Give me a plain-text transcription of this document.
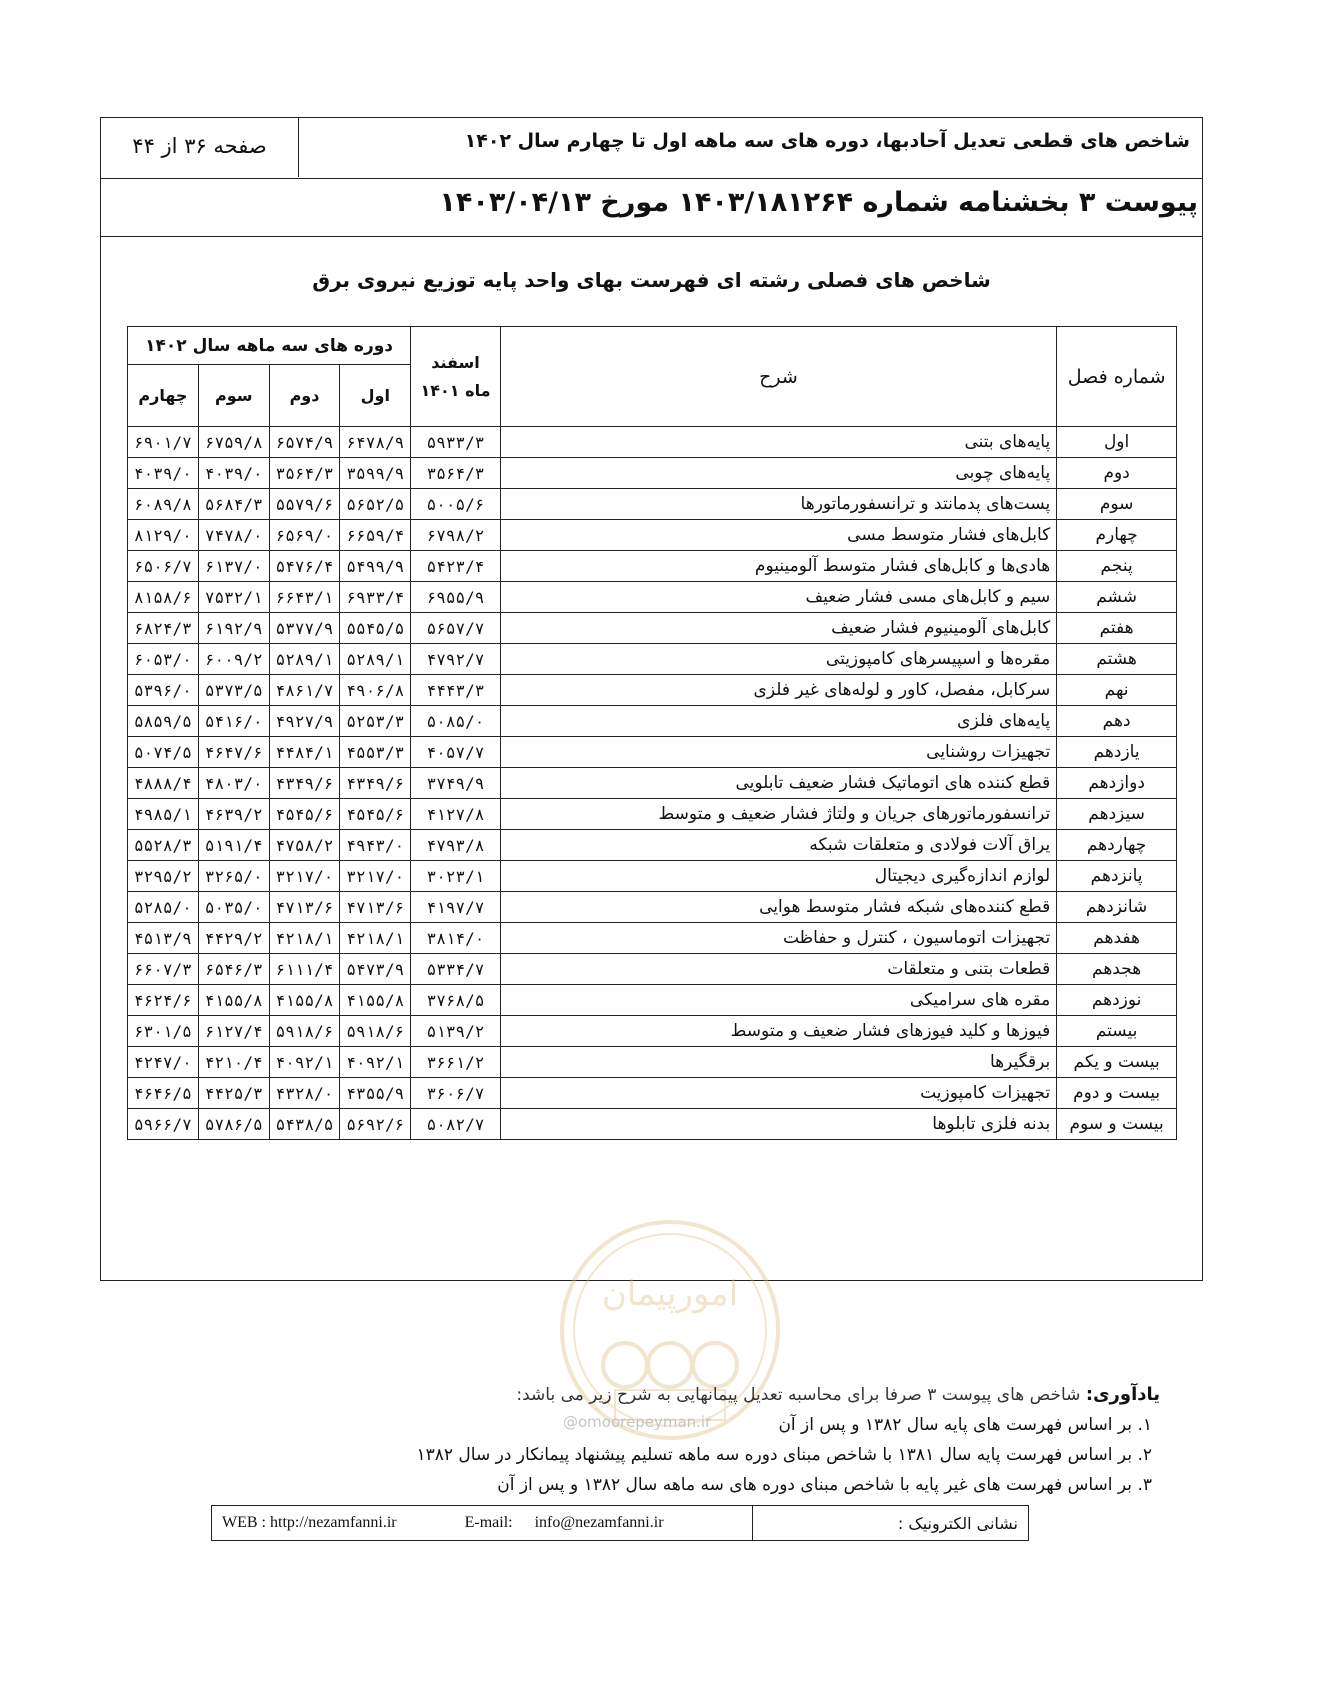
شاخص های قطعی تعدیل آحادبها، دوره های سه ماهه اول تا چهارم سال ۱۴۰۲
صفحه ۳۶ از ۴۴
پیوست ۳ بخشنامه شماره ۱۴۰۳/۱۸۱۲۶۴ مورخ ۱۴۰۳/۰۴/۱۳
شاخص های فصلی رشته ای فهرست بهای واحد پایه توزیع نیروی برق
شماره فصل	شرح	اسفند ماه ۱۴۰۱	دوره های سه ماهه سال ۱۴۰۲			
			اول	دوم	سوم	چهارم
اول	پایه‌های بتنی	۵۹۳۳/۳	۶۴۷۸/۹	۶۵۷۴/۹	۶۷۵۹/۸	۶۹۰۱/۷
دوم	پایه‌های چوبی	۳۵۶۴/۳	۳۵۹۹/۹	۳۵۶۴/۳	۴۰۳۹/۰	۴۰۳۹/۰
سوم	پست‌های پدمانتد و ترانسفورماتورها	۵۰۰۵/۶	۵۶۵۲/۵	۵۵۷۹/۶	۵۶۸۴/۳	۶۰۸۹/۸
چهارم	کابل‌های فشار متوسط مسی	۶۷۹۸/۲	۶۶۵۹/۴	۶۵۶۹/۰	۷۴۷۸/۰	۸۱۲۹/۰
پنجم	هادی‌ها و کابل‌های فشار متوسط آلومینیوم	۵۴۲۳/۴	۵۴۹۹/۹	۵۴۷۶/۴	۶۱۳۷/۰	۶۵۰۶/۷
ششم	سیم و کابل‌های مسی فشار ضعیف	۶۹۵۵/۹	۶۹۳۳/۴	۶۶۴۳/۱	۷۵۳۲/۱	۸۱۵۸/۶
هفتم	کابل‌های آلومینیوم فشار ضعیف	۵۶۵۷/۷	۵۵۴۵/۵	۵۳۷۷/۹	۶۱۹۲/۹	۶۸۲۴/۳
هشتم	مقره‌ها و اسپیسرهای کامپوزیتی	۴۷۹۲/۷	۵۲۸۹/۱	۵۲۸۹/۱	۶۰۰۹/۲	۶۰۵۳/۰
نهم	سرکابل، مفصل، کاور و لوله‌های غیر فلزی	۴۴۴۳/۳	۴۹۰۶/۸	۴۸۶۱/۷	۵۳۷۳/۵	۵۳۹۶/۰
دهم	پایه‌های فلزی	۵۰۸۵/۰	۵۲۵۳/۳	۴۹۲۷/۹	۵۴۱۶/۰	۵۸۵۹/۵
یازدهم	تجهیزات روشنایی	۴۰۵۷/۷	۴۵۵۳/۳	۴۴۸۴/۱	۴۶۴۷/۶	۵۰۷۴/۵
دوازدهم	قطع کننده های اتوماتیک فشار ضعیف تابلویی	۳۷۴۹/۹	۴۳۴۹/۶	۴۳۴۹/۶	۴۸۰۳/۰	۴۸۸۸/۴
سیزدهم	ترانسفورماتورهای جریان و ولتاژ فشار ضعیف و متوسط	۴۱۲۷/۸	۴۵۴۵/۶	۴۵۴۵/۶	۴۶۳۹/۲	۴۹۸۵/۱
چهاردهم	یراق آلات فولادی و متعلقات شبکه	۴۷۹۳/۸	۴۹۴۳/۰	۴۷۵۸/۲	۵۱۹۱/۴	۵۵۲۸/۳
پانزدهم	لوازم اندازه‌گیری دیجیتال	۳۰۲۳/۱	۳۲۱۷/۰	۳۲۱۷/۰	۳۲۶۵/۰	۳۲۹۵/۲
شانزدهم	قطع کننده‌های شبکه فشار متوسط هوایی	۴۱۹۷/۷	۴۷۱۳/۶	۴۷۱۳/۶	۵۰۳۵/۰	۵۲۸۵/۰
هفدهم	تجهیزات اتوماسیون ، کنترل و حفاظت	۳۸۱۴/۰	۴۲۱۸/۱	۴۲۱۸/۱	۴۴۲۹/۲	۴۵۱۳/۹
هجدهم	قطعات بتنی و متعلقات	۵۳۳۴/۷	۵۴۷۳/۹	۶۱۱۱/۴	۶۵۴۶/۳	۶۶۰۷/۳
نوزدهم	مقره های سرامیکی	۳۷۶۸/۵	۴۱۵۵/۸	۴۱۵۵/۸	۴۱۵۵/۸	۴۶۲۴/۶
بیستم	فیوزها و کلید فیوزهای فشار ضعیف و متوسط	۵۱۳۹/۲	۵۹۱۸/۶	۵۹۱۸/۶	۶۱۲۷/۴	۶۳۰۱/۵
بیست و یکم	برقگیرها	۳۶۶۱/۲	۴۰۹۲/۱	۴۰۹۲/۱	۴۲۱۰/۴	۴۲۴۷/۰
بیست و دوم	تجهیزات کامپوزیت	۳۶۰۶/۷	۴۳۵۵/۹	۴۳۲۸/۰	۴۴۲۵/۳	۴۶۴۶/۵
بیست و سوم	بدنه فلزی تابلوها	۵۰۸۲/۷	۵۶۹۲/۶	۵۴۳۸/۵	۵۷۸۶/۵	۵۹۶۶/۷
امورپیمان
@omoorepeyman.ir
یادآوری: شاخص های پیوست ۳ صرفا برای محاسبه تعدیل پیمانهایی به شرح زیر می باشد:
۱. بر اساس فهرست های پایه سال ۱۳۸۲ و پس از آن
۲. بر اساس فهرست پایه سال ۱۳۸۱ با شاخص مبنای دوره سه ماهه تسلیم پیشنهاد پیمانکار در سال ۱۳۸۲
۳. بر اساس فهرست های غیر پایه با شاخص مبنای دوره های سه ماهه سال ۱۳۸۲ و پس از آن
WEB : http://nezamfanni.ir	E-mail: info@nezamfanni.ir	نشانی الکترونیک :
